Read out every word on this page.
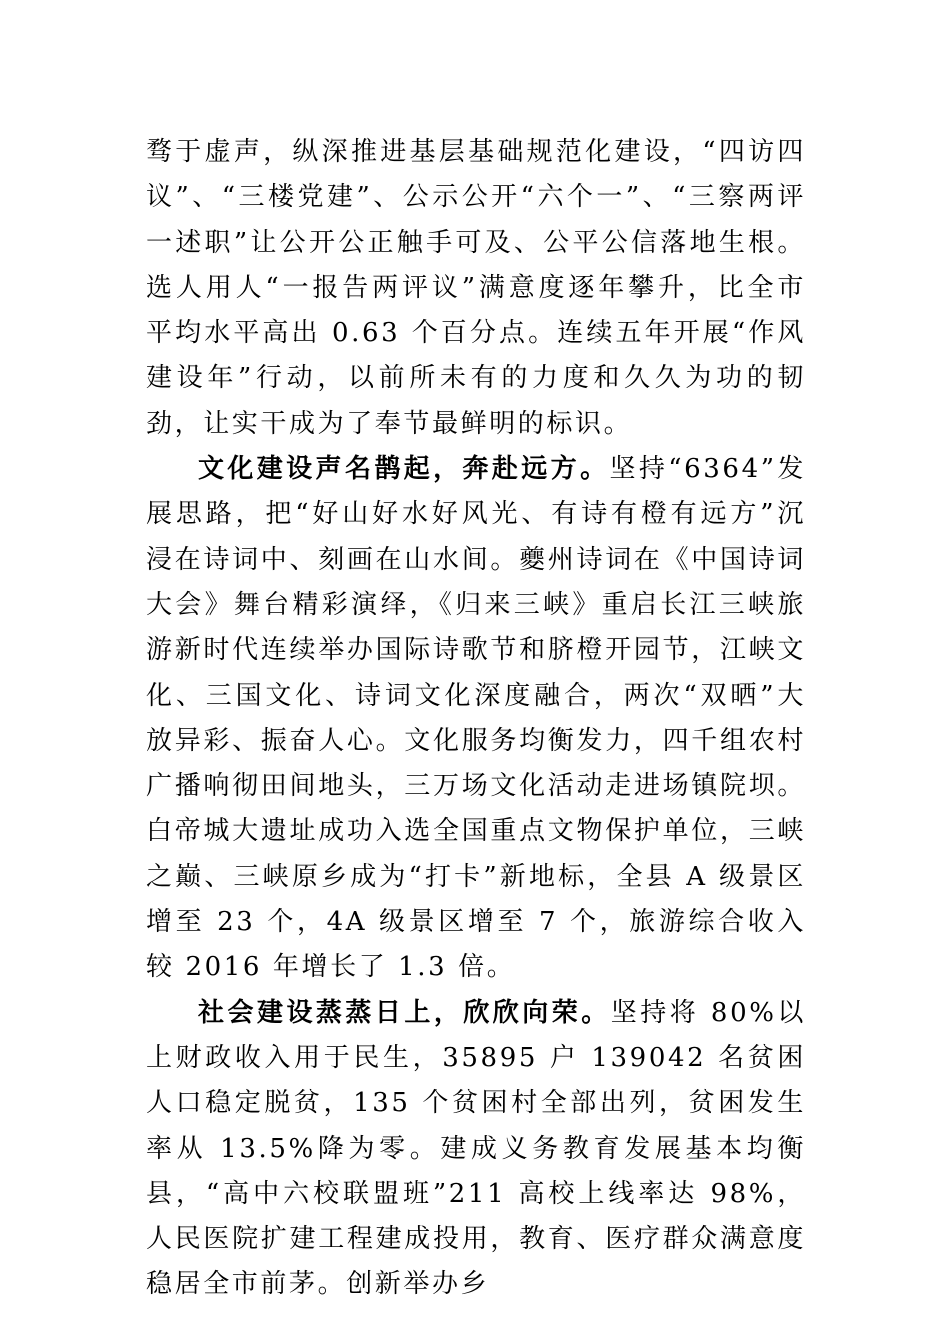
骛于虚声，纵深推进基层基础规范化建设，“四访四议”、“三楼党建”、公示公开“六个一”、“三察两评一述职”让公开公正触手可及、公平公信落地生根。选人用人“一报告两评议”满意度逐年攀升，比全市平均水平高出 0.63 个百分点。连续五年开展“作风建设年”行动，以前所未有的力度和久久为功的韧劲，让实干成为了奉节最鲜明的标识。

文化建设声名鹊起，奔赴远方。坚持“6364”发展思路，把“好山好水好风光、有诗有橙有远方”沉浸在诗词中、刻画在山水间。夔州诗词在《中国诗词大会》舞台精彩演绎，《归来三峡》重启长江三峡旅游新时代连续举办国际诗歌节和脐橙开园节，江峡文化、三国文化、诗词文化深度融合，两次“双晒”大放异彩、振奋人心。文化服务均衡发力，四千组农村广播响彻田间地头，三万场文化活动走进场镇院坝。白帝城大遗址成功入选全国重点文物保护单位，三峡之巅、三峡原乡成为“打卡”新地标，全县 A 级景区增至 23 个，4A 级景区增至 7 个，旅游综合收入较 2016 年增长了 1.3 倍。

社会建设蒸蒸日上，欣欣向荣。坚持将 80%以上财政收入用于民生，35895 户 139042 名贫困人口稳定脱贫，135 个贫困村全部出列，贫困发生率从 13.5%降为零。建成义务教育发展基本均衡县，“高中六校联盟班”211 高校上线率达 98%，人民医院扩建工程建成投用，教育、医疗群众满意度稳居全市前茅。创新举办乡
